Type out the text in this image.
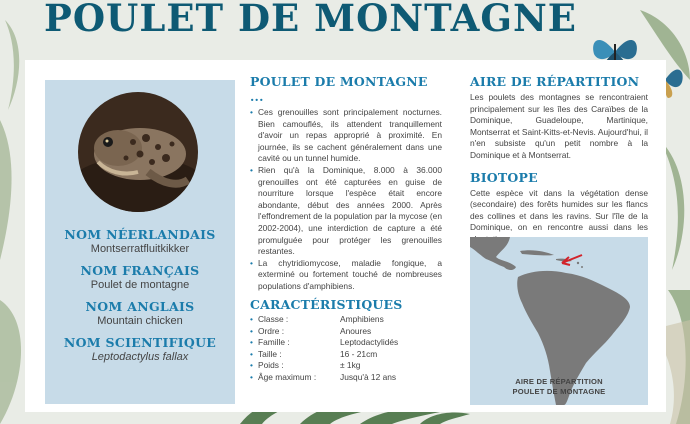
POULET DE MONTAGNE
NOM NÉERLANDAIS
Montserratfluitkikker
NOM FRANÇAIS
Poulet de montagne
NOM ANGLAIS
Mountain chicken
NOM SCIENTIFIQUE
Leptodactylus fallax
POULET DE MONTAGNE ...
• Ces grenouilles sont principalement nocturnes. Bien camouflés, ils attendent tranquillement d'avoir un repas approprié à proximité. En journée, ils se cachent généralement dans une cavité ou un tunnel humide.
• Rien qu'à la Dominique, 8.000 à 36.000 grenouilles ont été capturées en guise de nourriture lorsque l'espèce était encore abondante, début des années 2000. Après l'effondrement de la population par la mycose (en 2002-2004), une interdiction de capture a été promulguée pour protéger les grenouilles restantes.
• La chytridiomycose, maladie fongique, a exterminé ou fortement touché de nombreuses populations d'amphibiens.
CARACTÉRISTIQUES
• Classe :	Amphibiens
• Ordre :	Anoures
• Famille :	Leptodactylidés
• Taille :	16 - 21cm
• Poids :	± 1kg
• Âge maximum :	Jusqu'à 12 ans
AIRE DE RÉPARTITION
Les poulets des montagnes se rencontraient principalement sur les îles des Caraïbes de la Dominique, Guadeloupe, Martinique, Montserrat et Saint-Kitts-et-Nevis. Aujourd'hui, il n'en subsiste qu'un petit nombre à la Dominique et à Montserrat.
BIOTOPE
Cette espèce vit dans la végétation dense (secondaire) des forêts humides sur les flancs des collines et dans les ravins. Sur l'île de la Dominique, on en rencontre aussi dans les
AIRE DE RÉPARTITION
POULET DE MONTAGNE
